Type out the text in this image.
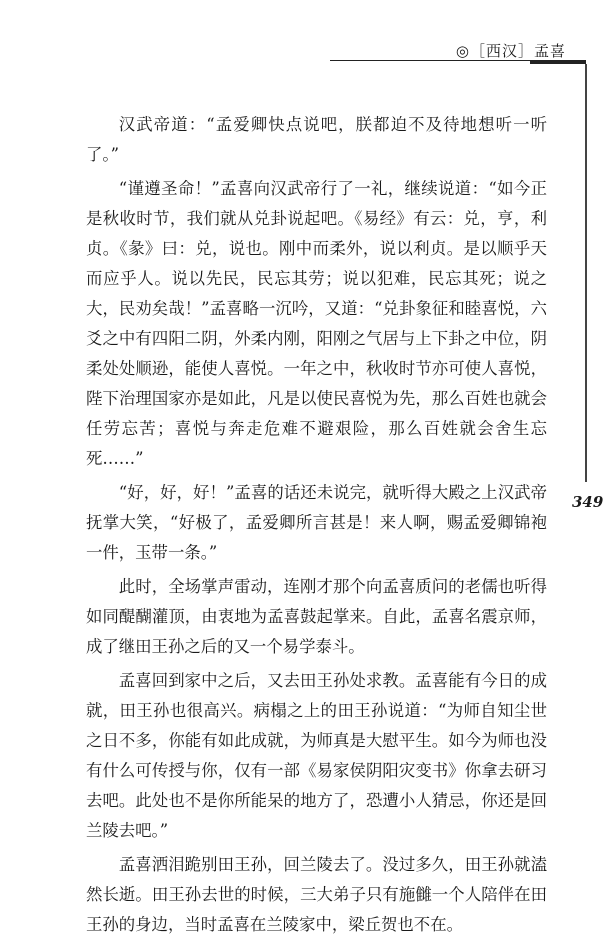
◎［西汉］孟喜
349

汉武帝道：“孟爱卿快点说吧，朕都迫不及待地想听一听了。”

“谨遵圣命！”孟喜向汉武帝行了一礼，继续说道：“如今正是秋收时节，我们就从兑卦说起吧。《易经》有云：兑，亨，利贞。《彖》曰：兑，说也。刚中而柔外，说以利贞。是以顺乎天而应乎人。说以先民，民忘其劳；说以犯难，民忘其死；说之大，民劝矣哉！”孟喜略一沉吟，又道：“兑卦象征和睦喜悦，六爻之中有四阳二阴，外柔内刚，阳刚之气居与上下卦之中位，阴柔处处顺逊，能使人喜悦。一年之中，秋收时节亦可使人喜悦，陛下治理国家亦是如此，凡是以使民喜悦为先，那么百姓也就会任劳忘苦；喜悦与奔走危难不避艰险，那么百姓就会舍生忘死……”

“好，好，好！”孟喜的话还未说完，就听得大殿之上汉武帝抚掌大笑，“好极了，孟爱卿所言甚是！来人啊，赐孟爱卿锦袍一件，玉带一条。”

此时，全场掌声雷动，连刚才那个向孟喜质问的老儒也听得如同醍醐灌顶，由衷地为孟喜鼓起掌来。自此，孟喜名震京师，成了继田王孙之后的又一个易学泰斗。

孟喜回到家中之后，又去田王孙处求教。孟喜能有今日的成就，田王孙也很高兴。病榻之上的田王孙说道：“为师自知尘世之日不多，你能有如此成就，为师真是大慰平生。如今为师也没有什么可传授与你，仅有一部《易家侯阴阳灾变书》你拿去研习去吧。此处也不是你所能呆的地方了，恐遭小人猜忌，你还是回兰陵去吧。”

孟喜洒泪跪别田王孙，回兰陵去了。没过多久，田王孙就溘然长逝。田王孙去世的时候，三大弟子只有施雠一个人陪伴在田王孙的身边，当时孟喜在兰陵家中，梁丘贺也不在。
